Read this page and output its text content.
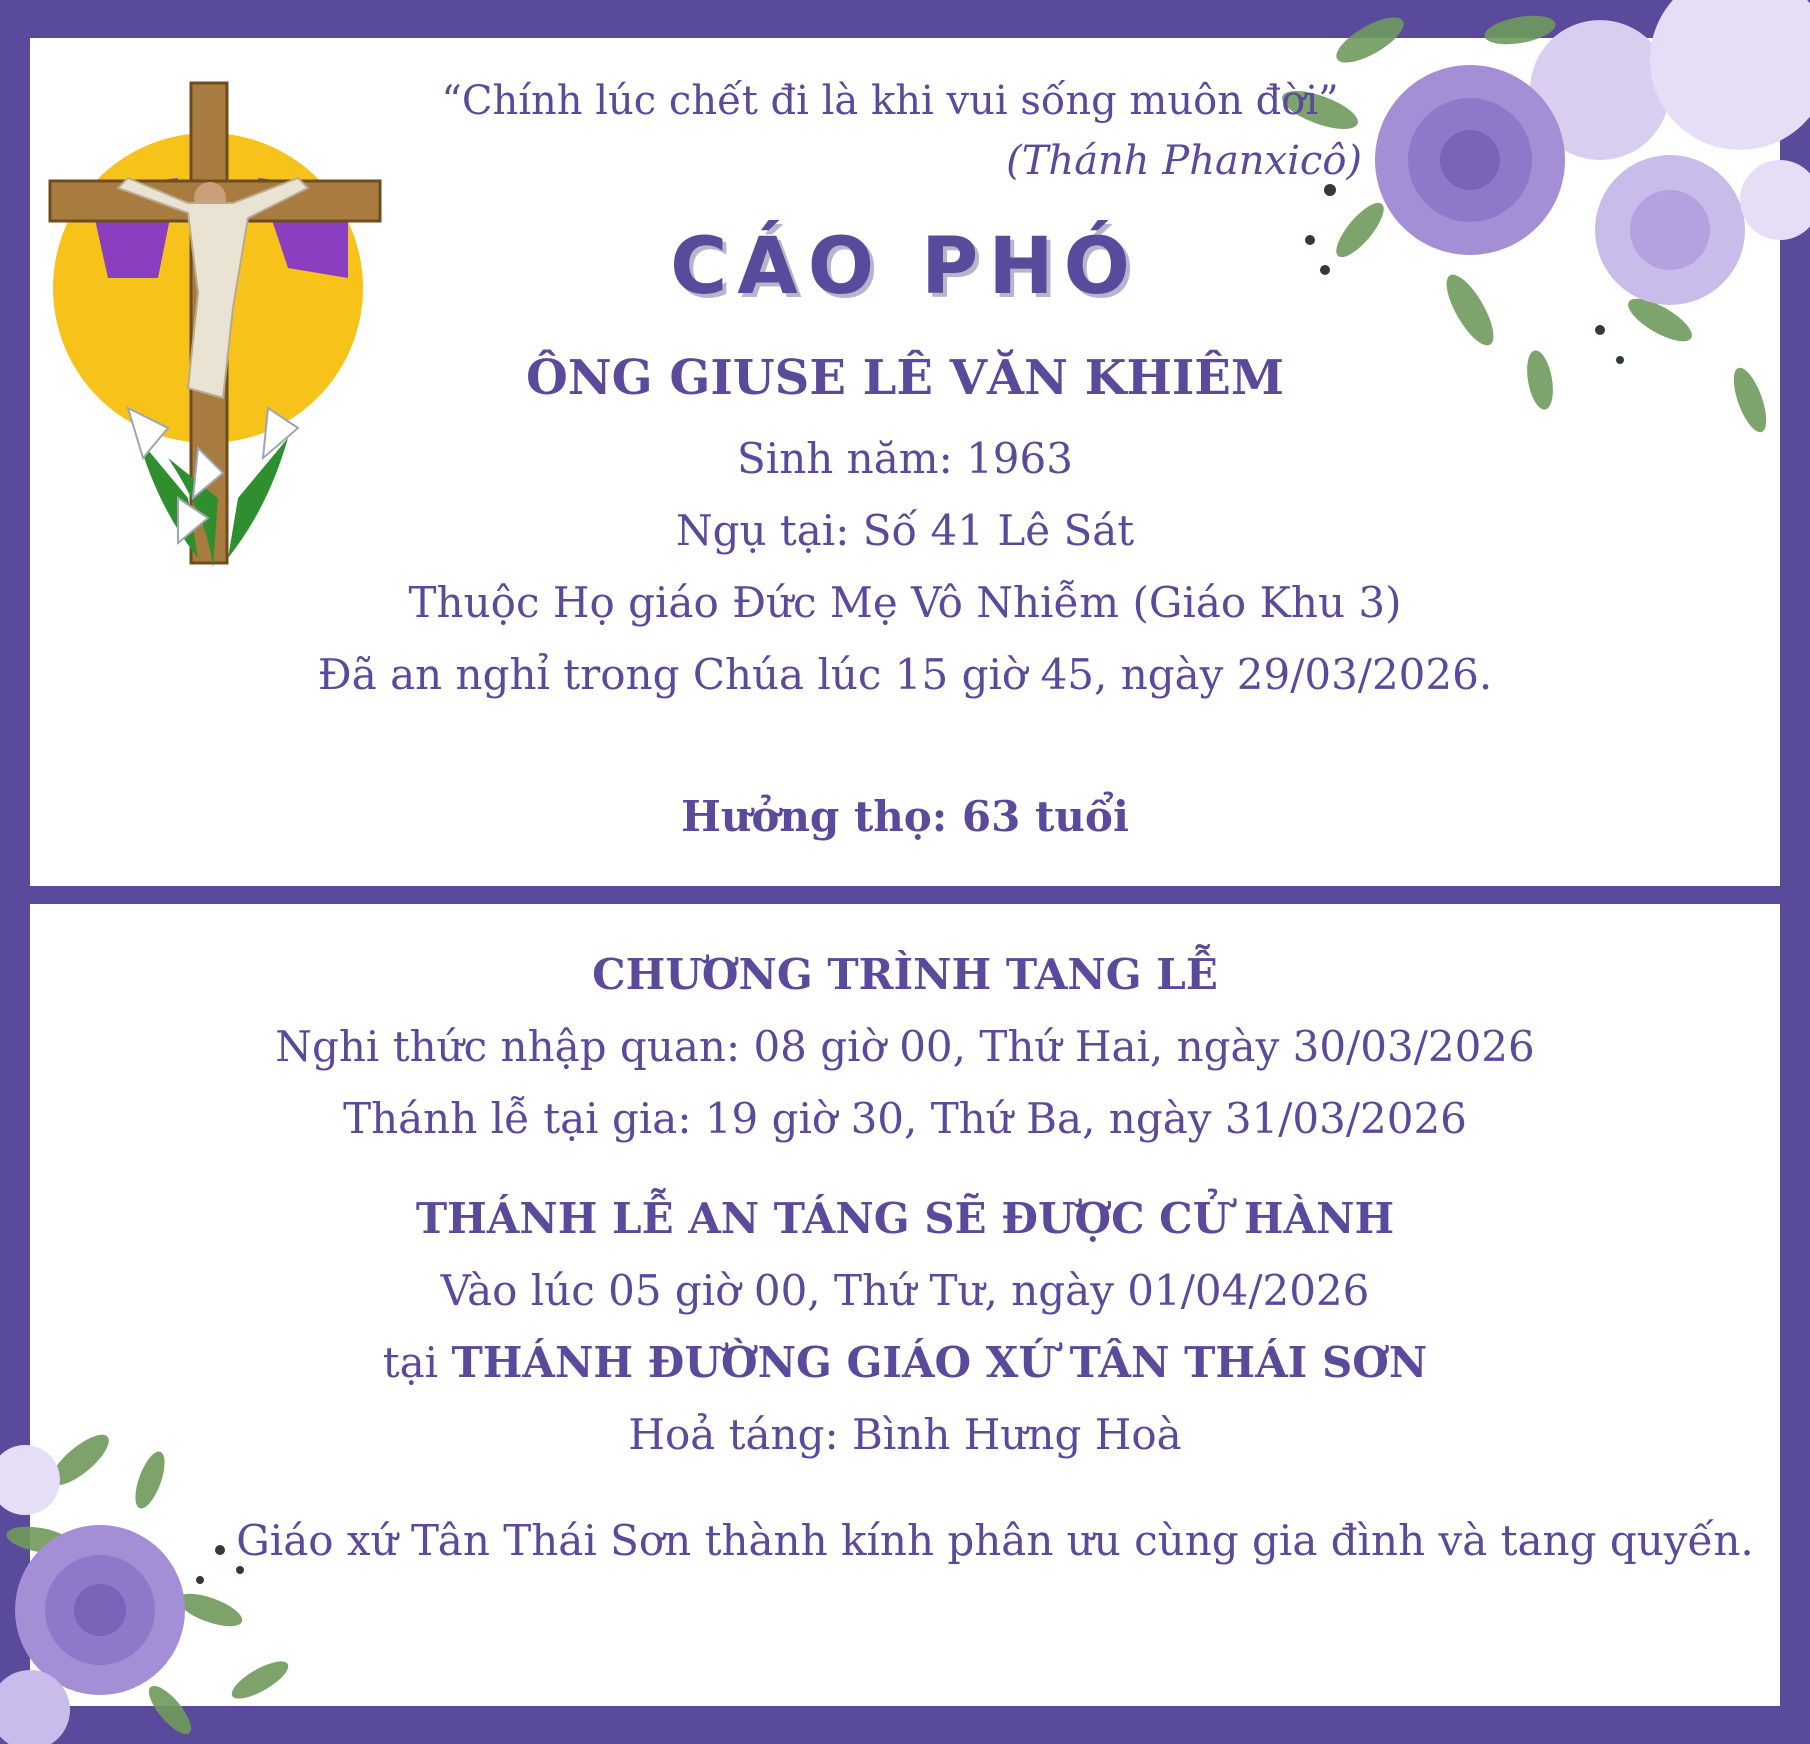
“Chính lúc chết đi là khi vui sống muôn đời”
(Thánh Phanxicô)
CÁO PHÓ
ÔNG GIUSE LÊ VĂN KHIÊM
Sinh năm: 1963
Ngụ tại: Số 41 Lê Sát
Thuộc Họ giáo Đức Mẹ Vô Nhiễm (Giáo Khu 3)
Đã an nghỉ trong Chúa lúc 15 giờ 45, ngày 29/03/2026.
Hưởng thọ: 63 tuổi
CHƯƠNG TRÌNH TANG LỄ
Nghi thức nhập quan: 08 giờ 00, Thứ Hai, ngày 30/03/2026
Thánh lễ tại gia: 19 giờ 30, Thứ Ba, ngày 31/03/2026
THÁNH LỄ AN TÁNG SẼ ĐƯỢC CỬ HÀNH
Vào lúc 05 giờ 00, Thứ Tư, ngày 01/04/2026
tại THÁNH ĐƯỜNG GIÁO XỨ TÂN THÁI SƠN
Hoả táng: Bình Hưng Hoà
Giáo xứ Tân Thái Sơn thành kính phân ưu cùng gia đình và tang quyến.
